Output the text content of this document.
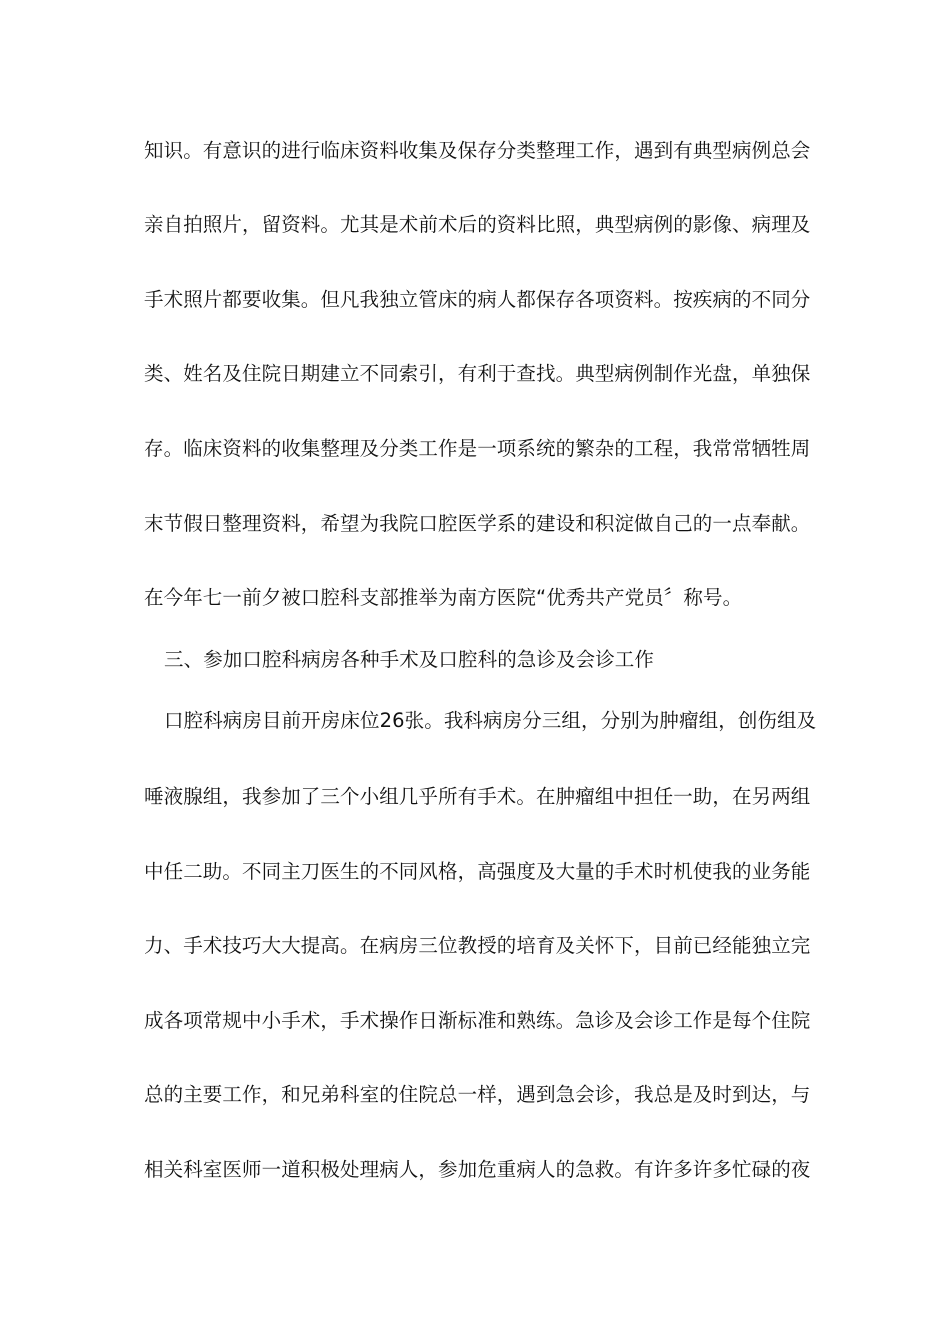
知识。有意识的进行临床资料收集及保存分类整理工作，遇到有典型病例总会
亲自拍照片，留资料。尤其是术前术后的资料比照，典型病例的影像、病理及
手术照片都要收集。但凡我独立管床的病人都保存各项资料。按疾病的不同分
类、姓名及住院日期建立不同索引，有利于查找。典型病例制作光盘，单独保
存。临床资料的收集整理及分类工作是一项系统的繁杂的工程，我常常牺牲周
末节假日整理资料，希望为我院口腔医学系的建设和积淀做自己的一点奉献。
在今年七一前夕被口腔科支部推举为南方医院“优秀共产党员〞称号。
三、参加口腔科病房各种手术及口腔科的急诊及会诊工作
口腔科病房目前开房床位26张。我科病房分三组，分别为肿瘤组，创伤组及
唾液腺组，我参加了三个小组几乎所有手术。在肿瘤组中担任一助，在另两组
中任二助。不同主刀医生的不同风格，高强度及大量的手术时机使我的业务能
力、手术技巧大大提高。在病房三位教授的培育及关怀下，目前已经能独立完
成各项常规中小手术，手术操作日渐标准和熟练。急诊及会诊工作是每个住院
总的主要工作，和兄弟科室的住院总一样，遇到急会诊，我总是及时到达，与
相关科室医师一道积极处理病人，参加危重病人的急救。有许多许多忙碌的夜
